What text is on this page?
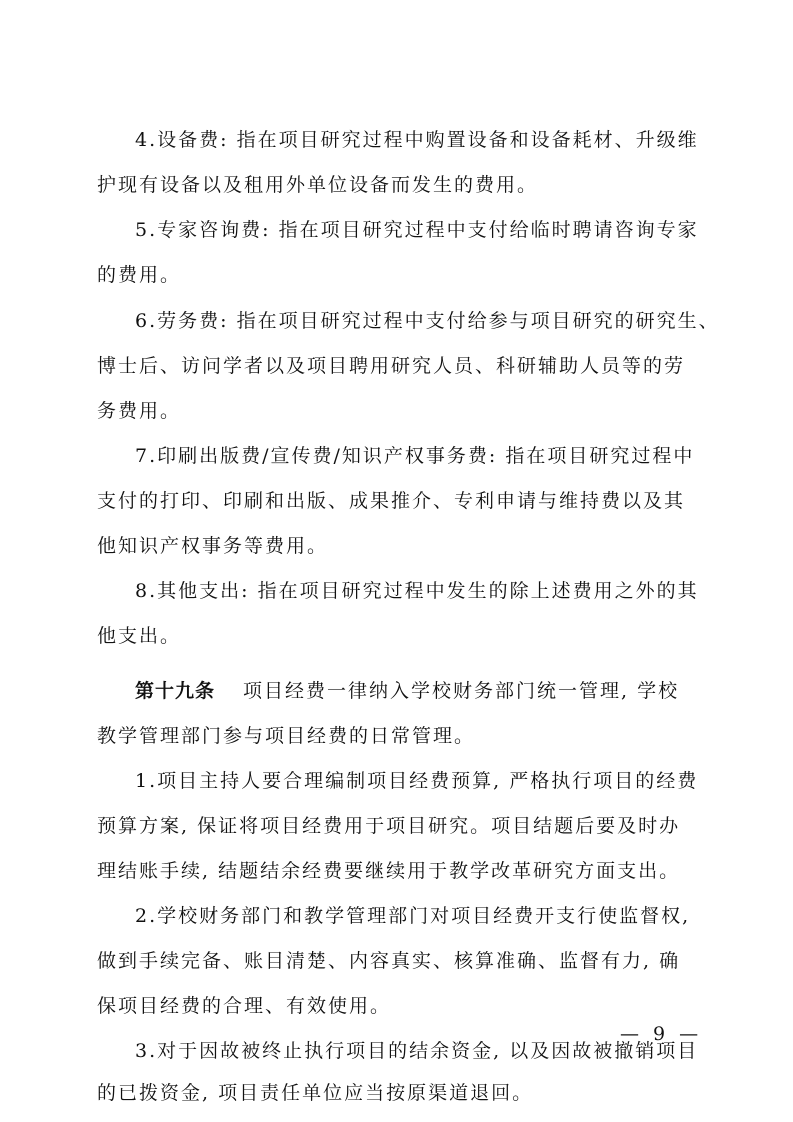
4.设备费: 指在项目研究过程中购置设备和设备耗材、升级维
护现有设备以及租用外单位设备而发生的费用。
5.专家咨询费: 指在项目研究过程中支付给临时聘请咨询专家
的费用。
6.劳务费: 指在项目研究过程中支付给参与项目研究的研究生、
博士后、访问学者以及项目聘用研究人员、科研辅助人员等的劳
务费用。
7.印刷出版费/宣传费/知识产权事务费: 指在项目研究过程中
支付的打印、印刷和出版、成果推介、专利申请与维持费以及其
他知识产权事务等费用。
8.其他支出: 指在项目研究过程中发生的除上述费用之外的其
他支出。
第十九条 项目经费一律纳入学校财务部门统一管理, 学校
教学管理部门参与项目经费的日常管理。
1.项目主持人要合理编制项目经费预算, 严格执行项目的经费
预算方案, 保证将项目经费用于项目研究。项目结题后要及时办
理结账手续, 结题结余经费要继续用于教学改革研究方面支出。
2.学校财务部门和教学管理部门对项目经费开支行使监督权,
做到手续完备、账目清楚、内容真实、核算准确、监督有力, 确
保项目经费的合理、有效使用。
3.对于因故被终止执行项目的结余资金, 以及因故被撤销项目
的已拨资金, 项目责任单位应当按原渠道退回。
— 9 —
